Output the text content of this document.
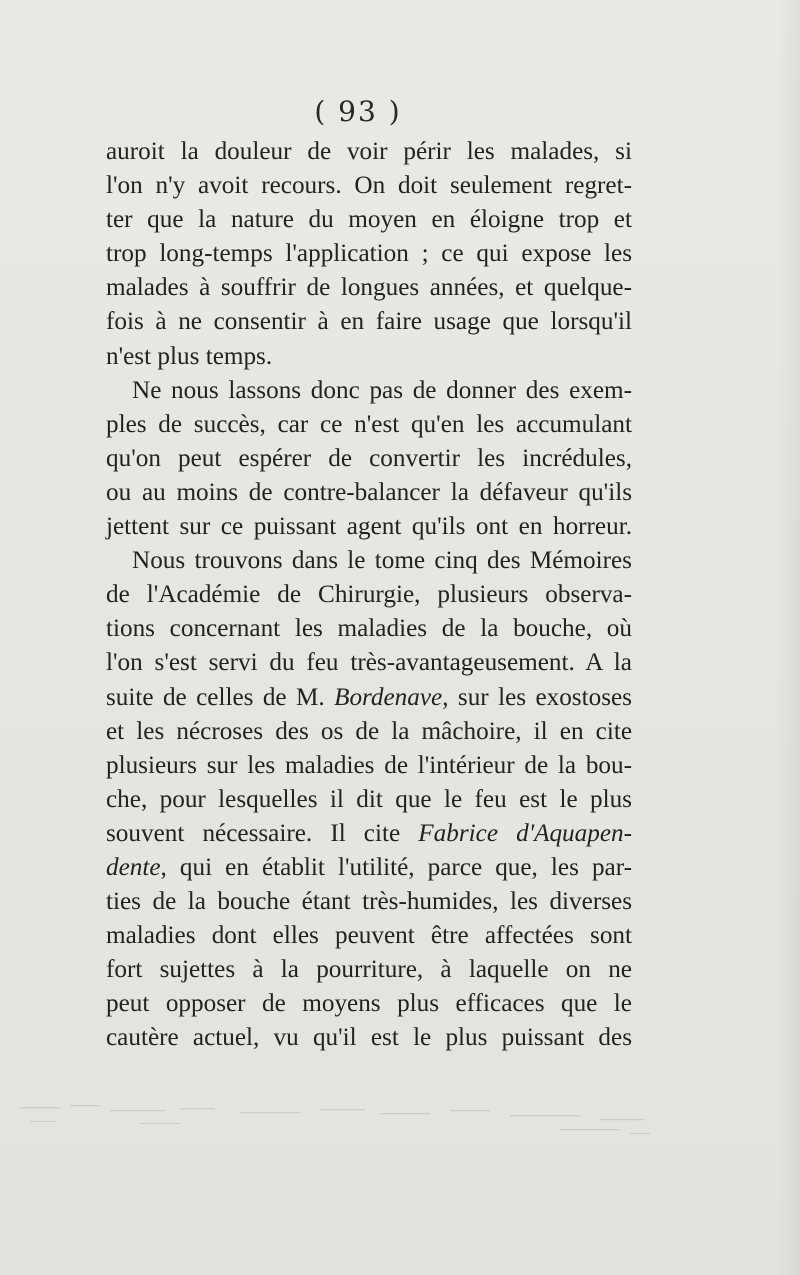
( 93 )
auroit la douleur de voir périr les malades, si
l'on n'y avoit recours. On doit seulement regret-
ter que la nature du moyen en éloigne trop et
trop long-temps l'application ; ce qui expose les
malades à souffrir de longues années, et quelque-
fois à ne consentir à en faire usage que lorsqu'il
n'est plus temps.
Ne nous lassons donc pas de donner des exem-
ples de succès, car ce n'est qu'en les accumulant
qu'on peut espérer de convertir les incrédules,
ou au moins de contre-balancer la défaveur qu'ils
jettent sur ce puissant agent qu'ils ont en horreur.
Nous trouvons dans le tome cinq des Mémoires
de l'Académie de Chirurgie, plusieurs observa-
tions concernant les maladies de la bouche, où
l'on s'est servi du feu très-avantageusement. A la
suite de celles de M. Bordenave, sur les exostoses
et les nécroses des os de la mâchoire, il en cite
plusieurs sur les maladies de l'intérieur de la bou-
che, pour lesquelles il dit que le feu est le plus
souvent nécessaire. Il cite Fabrice d'Aquapen-
dente, qui en établit l'utilité, parce que, les par-
ties de la bouche étant très-humides, les diverses
maladies dont elles peuvent être affectées sont
fort sujettes à la pourriture, à laquelle on ne
peut opposer de moyens plus efficaces que le
cautère actuel, vu qu'il est le plus puissant des
